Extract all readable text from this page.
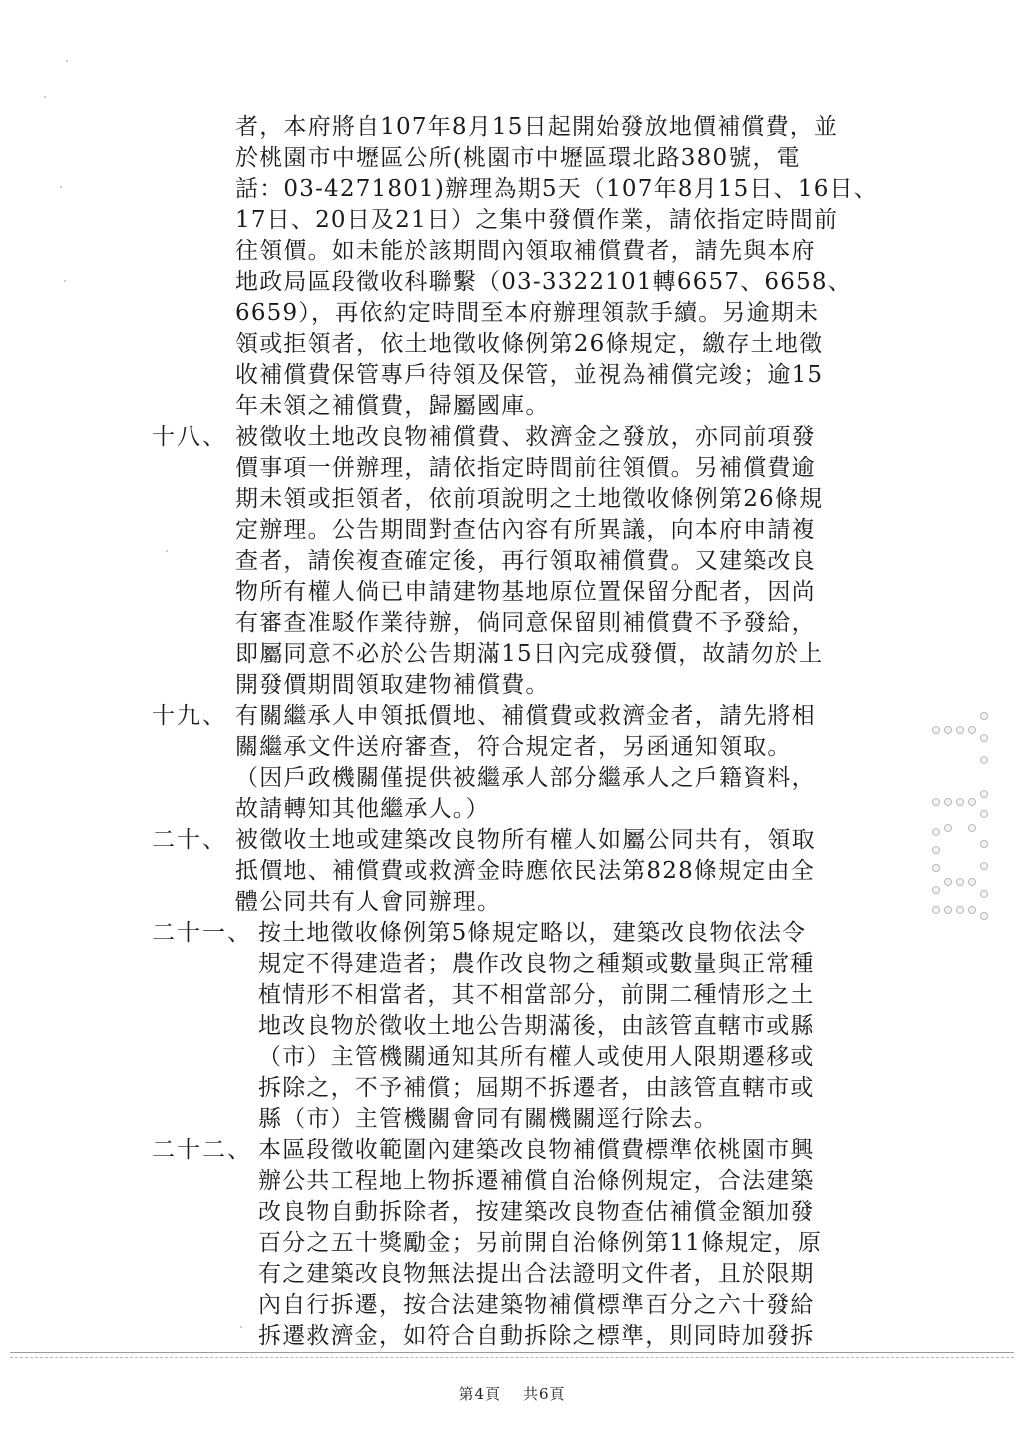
者，本府將自107年8月15日起開始發放地價補償費，並
於桃園市中壢區公所(桃園市中壢區環北路380號，電
話：03-4271801)辦理為期5天（107年8月15日、16日、
17日、20日及21日）之集中發價作業，請依指定時間前
往領價。如未能於該期間內領取補償費者，請先與本府
地政局區段徵收科聯繫（03-3322101轉6657、6658、
6659），再依約定時間至本府辦理領款手續。另逾期未
領或拒領者，依土地徵收條例第26條規定，繳存土地徵
收補償費保管專戶待領及保管，並視為補償完竣；逾15
年未領之補償費，歸屬國庫。
十八、 被徵收土地改良物補償費、救濟金之發放，亦同前項發
價事項一併辦理，請依指定時間前往領價。另補償費逾
期未領或拒領者，依前項說明之土地徵收條例第26條規
定辦理。公告期間對查估內容有所異議，向本府申請複
查者，請俟複查確定後，再行領取補償費。又建築改良
物所有權人倘已申請建物基地原位置保留分配者，因尚
有審查准駁作業待辦，倘同意保留則補償費不予發給，
即屬同意不必於公告期滿15日內完成發價，故請勿於上
開發價期間領取建物補償費。
十九、 有關繼承人申領抵價地、補償費或救濟金者，請先將相
關繼承文件送府審查，符合規定者，另函通知領取。
（因戶政機關僅提供被繼承人部分繼承人之戶籍資料，
故請轉知其他繼承人。）
二十、 被徵收土地或建築改良物所有權人如屬公同共有，領取
抵價地、補償費或救濟金時應依民法第828條規定由全
體公同共有人會同辦理。
二十一、 按土地徵收條例第5條規定略以，建築改良物依法令
規定不得建造者；農作改良物之種類或數量與正常種
植情形不相當者，其不相當部分，前開二種情形之土
地改良物於徵收土地公告期滿後，由該管直轄市或縣
（市）主管機關通知其所有權人或使用人限期遷移或
拆除之，不予補償；屆期不拆遷者，由該管直轄市或
縣（市）主管機關會同有關機關逕行除去。
二十二、 本區段徵收範圍內建築改良物補償費標準依桃園市興
辦公共工程地上物拆遷補償自治條例規定，合法建築
改良物自動拆除者，按建築改良物查估補償金額加發
百分之五十獎勵金；另前開自治條例第11條規定，原
有之建築改良物無法提出合法證明文件者，且於限期
內自行拆遷，按合法建築物補償標準百分之六十發給
拆遷救濟金，如符合自動拆除之標準，則同時加發拆
第4頁 共6頁
